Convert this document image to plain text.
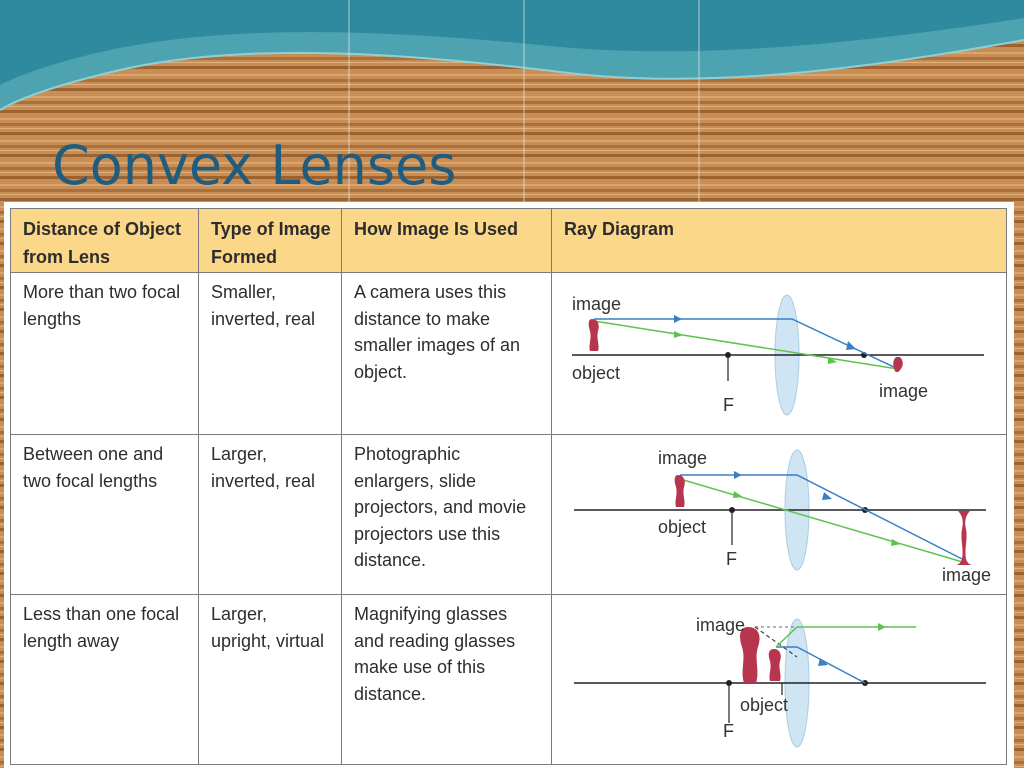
Convex Lenses
Distance of Object from Lens	Type of Image Formed	How Image Is Used	Ray Diagram
More than two focal lengths	Smaller, inverted, real	A camera uses this distance to make smaller images of an object.	image
object
F
image

Between one and two focal lengths	Larger, inverted, real	Photographic enlargers, slide projectors, and movie projectors use this distance.	image
object
F
image

Less than one focal length away	Larger, upright, virtual	Magnifying glasses and reading glasses make use of this distance.	image
object
F
